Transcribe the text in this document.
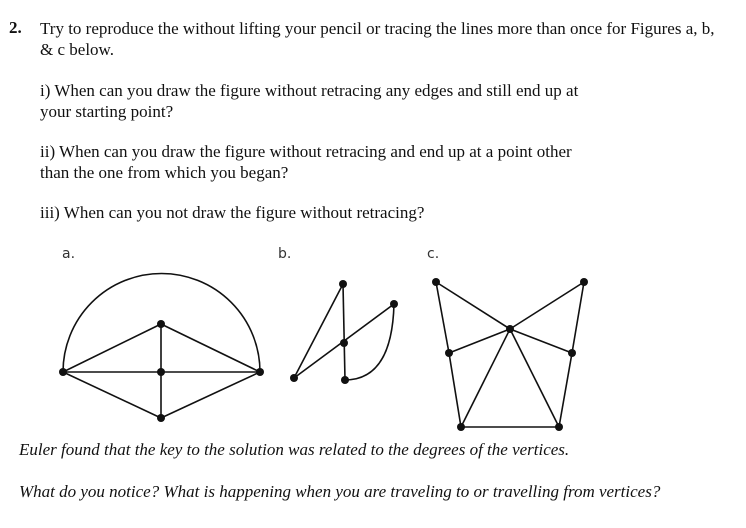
2. Try to reproduce the without lifting your pencil or tracing the lines more than once for Figures a, b, & c below.
i) When can you draw the figure without retracing any edges and still end up at your starting point?
ii) When can you draw the figure without retracing and end up at a point other than the one from which you began?
iii) When can you not draw the figure without retracing?
a.	b.	c.
Euler found that the key to the solution was related to the degrees of the vertices.
What do you notice? What is happening when you are traveling to or travelling from vertices?
